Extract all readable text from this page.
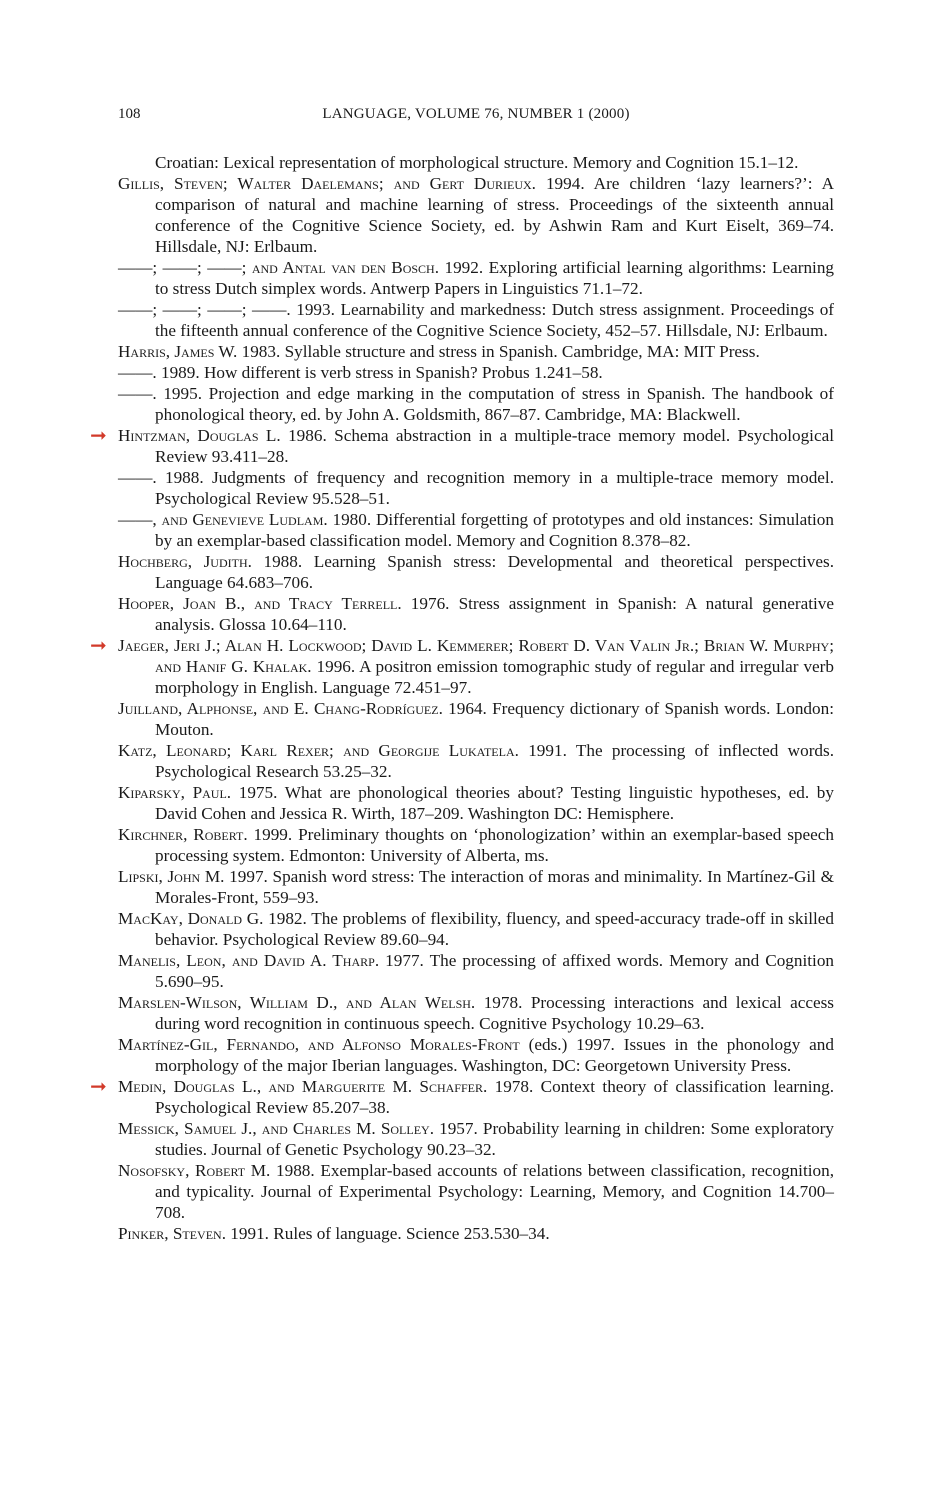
108	LANGUAGE, VOLUME 76, NUMBER 1 (2000)

Croatian: Lexical representation of morphological structure. Memory and Cognition 15.1–12.

Gillis, Steven; Walter Daelemans; and Gert Durieux. 1994. Are children ‘lazy learners?’: A comparison of natural and machine learning of stress. Proceedings of the sixteenth annual conference of the Cognitive Science Society, ed. by Ashwin Ram and Kurt Eiselt, 369–74. Hillsdale, NJ: Erlbaum.

——; ——; ——; and Antal van den Bosch. 1992. Exploring artificial learning algorithms: Learning to stress Dutch simplex words. Antwerp Papers in Linguistics 71.1–72.

——; ——; ——; ——. 1993. Learnability and markedness: Dutch stress assignment. Proceedings of the fifteenth annual conference of the Cognitive Science Society, 452–57. Hillsdale, NJ: Erlbaum.

Harris, James W. 1983. Syllable structure and stress in Spanish. Cambridge, MA: MIT Press.

——. 1989. How different is verb stress in Spanish? Probus 1.241–58.

——. 1995. Projection and edge marking in the computation of stress in Spanish. The handbook of phonological theory, ed. by John A. Goldsmith, 867–87. Cambridge, MA: Blackwell.

➞ Hintzman, Douglas L. 1986. Schema abstraction in a multiple-trace memory model. Psychological Review 93.411–28.

——. 1988. Judgments of frequency and recognition memory in a multiple-trace memory model. Psychological Review 95.528–51.

——, and Genevieve Ludlam. 1980. Differential forgetting of prototypes and old instances: Simulation by an exemplar-based classification model. Memory and Cognition 8.378–82.

Hochberg, Judith. 1988. Learning Spanish stress: Developmental and theoretical perspectives. Language 64.683–706.

Hooper, Joan B., and Tracy Terrell. 1976. Stress assignment in Spanish: A natural generative analysis. Glossa 10.64–110.

➞ Jaeger, Jeri J.; Alan H. Lockwood; David L. Kemmerer; Robert D. Van Valin Jr.; Brian W. Murphy; and Hanif G. Khalak. 1996. A positron emission tomographic study of regular and irregular verb morphology in English. Language 72.451–97.

Juilland, Alphonse, and E. Chang-Rodríguez. 1964. Frequency dictionary of Spanish words. London: Mouton.

Katz, Leonard; Karl Rexer; and Georgije Lukatela. 1991. The processing of inflected words. Psychological Research 53.25–32.

Kiparsky, Paul. 1975. What are phonological theories about? Testing linguistic hypotheses, ed. by David Cohen and Jessica R. Wirth, 187–209. Washington DC: Hemisphere.

Kirchner, Robert. 1999. Preliminary thoughts on ‘phonologization’ within an exemplar-based speech processing system. Edmonton: University of Alberta, ms.

Lipski, John M. 1997. Spanish word stress: The interaction of moras and minimality. In Martínez-Gil & Morales-Front, 559–93.

MacKay, Donald G. 1982. The problems of flexibility, fluency, and speed-accuracy trade-off in skilled behavior. Psychological Review 89.60–94.

Manelis, Leon, and David A. Tharp. 1977. The processing of affixed words. Memory and Cognition 5.690–95.

Marslen-Wilson, William D., and Alan Welsh. 1978. Processing interactions and lexical access during word recognition in continuous speech. Cognitive Psychology 10.29–63.

Martínez-Gil, Fernando, and Alfonso Morales-Front (eds.) 1997. Issues in the phonology and morphology of the major Iberian languages. Washington, DC: Georgetown University Press.

➞ Medin, Douglas L., and Marguerite M. Schaffer. 1978. Context theory of classification learning. Psychological Review 85.207–38.

Messick, Samuel J., and Charles M. Solley. 1957. Probability learning in children: Some exploratory studies. Journal of Genetic Psychology 90.23–32.

Nosofsky, Robert M. 1988. Exemplar-based accounts of relations between classification, recognition, and typicality. Journal of Experimental Psychology: Learning, Memory, and Cognition 14.700–708.

Pinker, Steven. 1991. Rules of language. Science 253.530–34.
